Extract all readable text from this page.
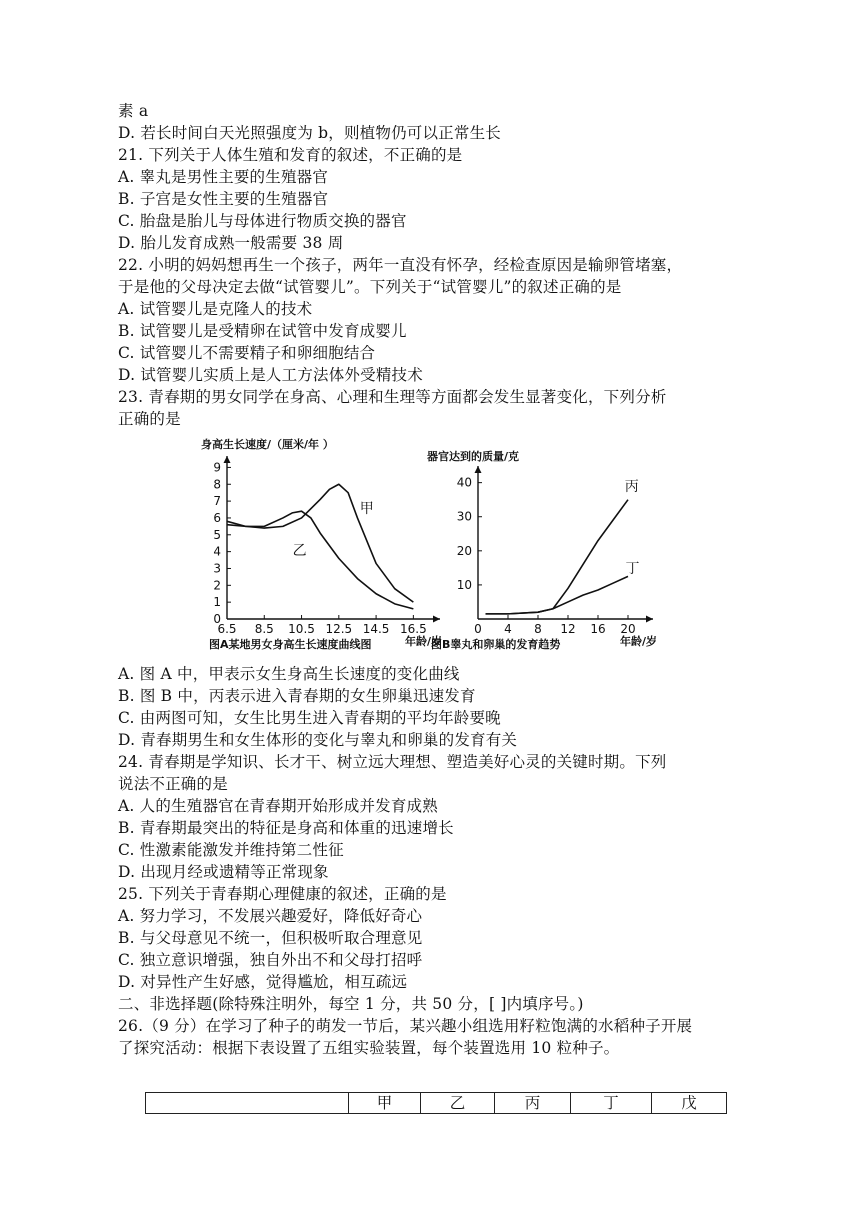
素 a
D. 若长时间白天光照强度为 b，则植物仍可以正常生长
21. 下列关于人体生殖和发育的叙述，不正确的是
A. 睾丸是男性主要的生殖器官
B. 子宫是女性主要的生殖器官
C. 胎盘是胎儿与母体进行物质交换的器官
D. 胎儿发育成熟一般需要 38 周
22. 小明的妈妈想再生一个孩子，两年一直没有怀孕，经检查原因是输卵管堵塞，
于是他的父母决定去做“试管婴儿”。下列关于“试管婴儿”的叙述正确的是
A. 试管婴儿是克隆人的技术
B. 试管婴儿是受精卵在试管中发育成婴儿
C. 试管婴儿不需要精子和卵细胞结合
D. 试管婴儿实质上是人工方法体外受精技术
23. 青春期的男女同学在身高、心理和生理等方面都会发生显著变化，下列分析
正确的是
身高生长速度/（厘米/年 ）
0
1
2
3
4
5
6
7
8
9
6.5 8.5 10.5 12.5 14.5 16.5
年龄/岁
图A某地男女身高生长速度曲线图
甲
乙
器官达到的质量/克
10
20
30
40
0 4 8 12 16 20
年龄/岁
图B睾丸和卵巢的发育趋势
丙
丁
A. 图 A 中，甲表示女生身高生长速度的变化曲线
B. 图 B 中，丙表示进入青春期的女生卵巢迅速发育
C. 由两图可知，女生比男生进入青春期的平均年龄要晚
D. 青春期男生和女生体形的变化与睾丸和卵巢的发育有关
24. 青春期是学知识、长才干、树立远大理想、塑造美好心灵的关键时期。下列
说法不正确的是
A. 人的生殖器官在青春期开始形成并发育成熟
B. 青春期最突出的特征是身高和体重的迅速增长
C. 性激素能激发并维持第二性征
D. 出现月经或遗精等正常现象
25. 下列关于青春期心理健康的叙述，正确的是
A. 努力学习，不发展兴趣爱好，降低好奇心
B. 与父母意见不统一，但积极听取合理意见
C. 独立意识增强，独自外出不和父母打招呼
D. 对异性产生好感，觉得尴尬，相互疏远
二、非选择题(除特殊注明外，每空 1 分，共 50 分，[ ]内填序号。)
26.（9 分）在学习了种子的萌发一节后，某兴趣小组选用籽粒饱满的水稻种子开展
了探究活动：根据下表设置了五组实验装置，每个装置选用 10 粒种子。
	甲	乙	丙	丁	戊
